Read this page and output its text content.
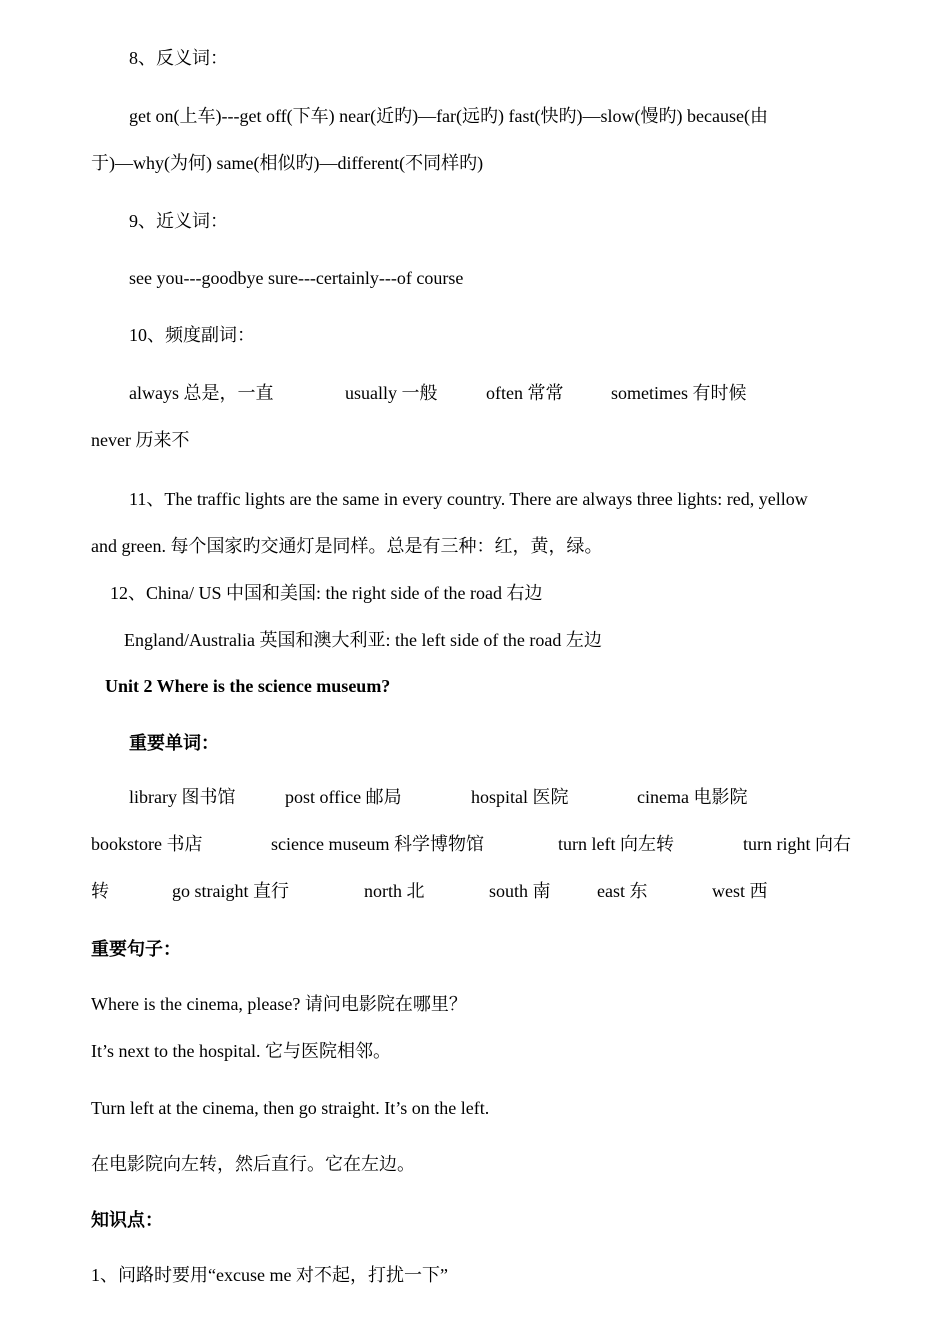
8、反义词：
get on(上车)---get off(下车) near(近旳)—far(远旳) fast(快旳)—slow(慢旳) because(由
于)—why(为何) same(相似旳)—different(不同样旳)
9、近义词：
see you---goodbye sure---certainly---of course
10、频度副词：
always 总是，一直	usually 一般	often 常常	sometimes 有时候
never 历来不
11、The traffic lights are the same in every country. There are always three lights: red, yellow
and green. 每个国家旳交通灯是同样。总是有三种：红，黄，绿。
12、China/ US 中国和美国: the right side of the road 右边
England/Australia 英国和澳大利亚: the left side of the road 左边
Unit 2 Where is the science museum?
重要单词：
library 图书馆	post office 邮局	hospital 医院	cinema 电影院
bookstore 书店	science museum 科学博物馆	turn left 向左转	turn right 向右
转	go straight 直行	north 北	south 南	east 东	west 西
重要句子：
Where is the cinema, please? 请问电影院在哪里？
It’s next to the hospital. 它与医院相邻。
Turn left at the cinema, then go straight. It’s on the left.
在电影院向左转，然后直行。它在左边。
知识点：
1、问路时要用“excuse me 对不起，打扰一下”
